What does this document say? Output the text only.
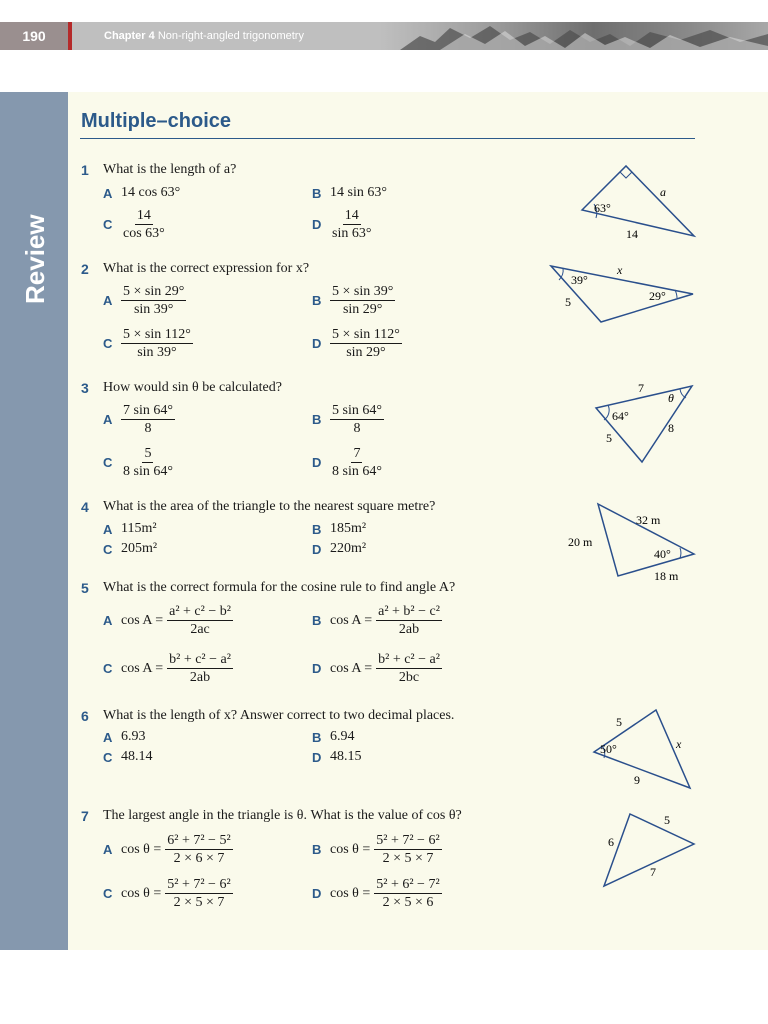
190	Chapter 4 Non-right-angled trigonometry
Review
Multiple–choice
1 What is the length of a?
A 14 cos 63°	B 14 sin 63°
C $\frac{14}{\cos 63^\circ}$	D $\frac{14}{\sin 63^\circ}$	63°
a
14
2 What is the correct expression for x?
A $\frac{5 \times \sin 29^\circ}{\sin 39^\circ}$	B $\frac{5 \times \sin 39^\circ}{\sin 29^\circ}$
C $\frac{5 \times \sin 112^\circ}{\sin 39^\circ}$	D $\frac{5 \times \sin 112^\circ}{\sin 29^\circ}$
39°
x
5	29°
3 How would sin θ be calculated?
A $\frac{7 \sin 64^\circ}{8}$	B $\frac{5 \sin 64^\circ}{8}$
C $\frac{5}{8 \sin 64^\circ}$	D $\frac{7}{8 \sin 64^\circ}$
7
θ
64°
8
5
4 What is the area of the triangle to the nearest square metre?
A 115m²	B 185m²
C 205m²	D 220m²
32 m
20 m
40°
18 m
5 What is the correct formula for the cosine rule to find angle A?
A $\cos A = \frac{\text{a² + c² − b²}}{2ac}$	B $\cos A = \frac{\text{a² + b² − c²}}{2ab}$
C $\cos A = \frac{\text{b² + c² − a²}}{2ab}$	D $\cos A = \frac{\text{b² + c² − a²}}{2bc}$
6 What is the length of x? Answer correct to two decimal places.
A 6.93	B 6.94
C 48.14	D 48.15
5
50°	x
9
7 The largest angle in the triangle is θ. What is the value of cos θ?
A $\cos \theta = \frac{\text{6² + 7² − 5²}}{2 \times 6 \times 7}$	B $\cos \theta = \frac{\text{5² + 7² − 6²}}{2 \times 5 \times 7}$
C $\cos \theta = \frac{\text{5² + 7² − 6²}}{2 \times 5 \times 7}$	D $\cos \theta = \frac{\text{5² + 6² − 7²}}{2 \times 5 \times 6}$
5
6
7
